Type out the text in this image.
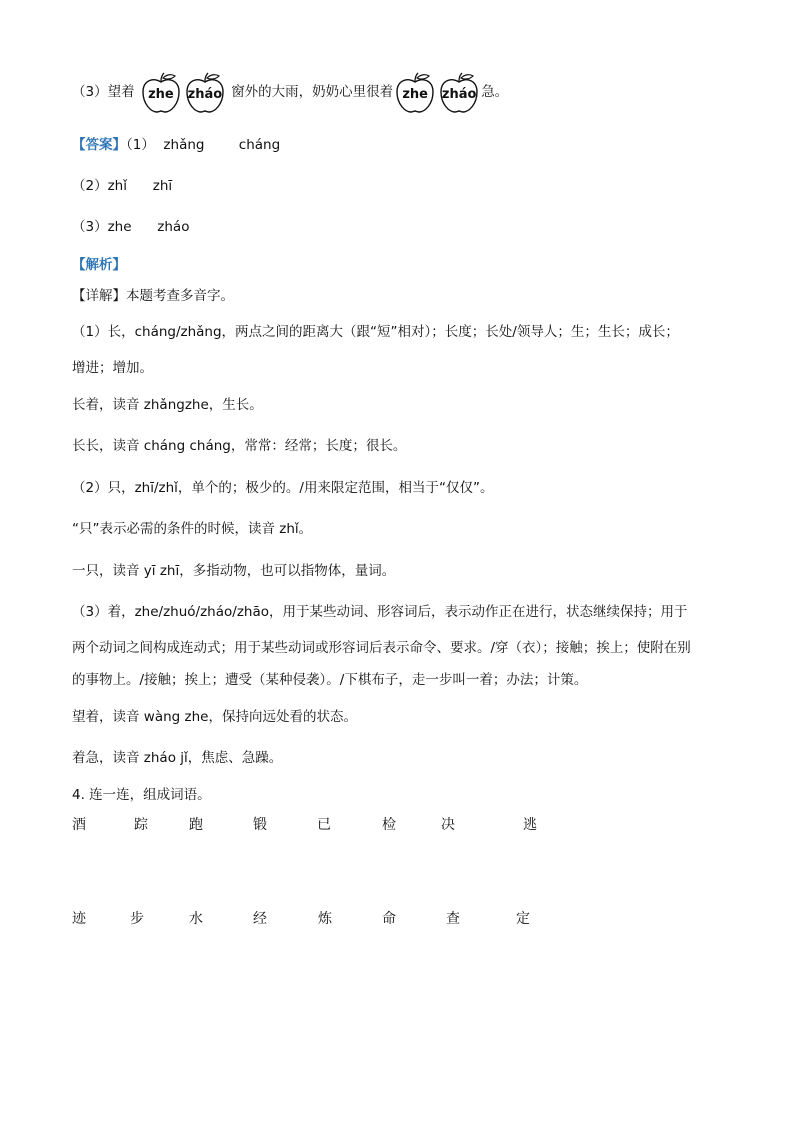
（3）望着	zhe	zháo 窗外的大雨，奶奶心里很着 zhe	zháo 急。
【答案】（1）  zhǎng        cháng
（2）zhǐ      zhī
（3）zhe      zháo
【解析】
【详解】本题考查多音字。
（1）长，cháng/zhǎng，两点之间的距离大（跟“短”相对）；长度；长处/领导人；生；生长；成长；
增进；增加。
长着，读音 zhǎngzhe，生长。
长长，读音 cháng cháng，常常：经常；长度；很长。
（2）只，zhī/zhǐ，单个的；极少的。/用来限定范围，相当于“仅仅”。
“只”表示必需的条件的时候，读音 zhǐ。
一只，读音 yī zhī，多指动物，也可以指物体，量词。
（3）着，zhe/zhuó/zháo/zhāo，用于某些动词、形容词后，表示动作正在进行，状态继续保持；用于
两个动词之间构成连动式；用于某些动词或形容词后表示命令、要求。/穿（衣）；接触；挨上；使附在别
的事物上。/接触；挨上；遭受（某种侵袭）。/下棋布子，走一步叫一着；办法；计策。
望着，读音 wàng zhe，保持向远处看的状态。
着急，读音 zháo jǐ，焦虑、急躁。
4. 连一连，组成词语。
酒	踪	跑	锻	已	检	决	逃
迹	步	水	经	炼	命	查	定
